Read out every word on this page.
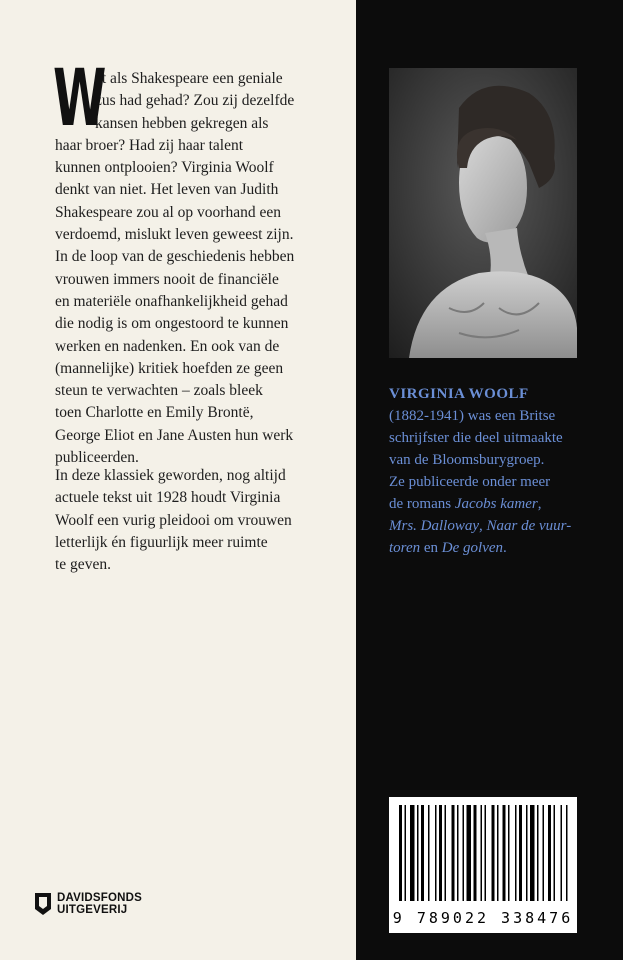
W
at als Shakespeare een geniale
zus had gehad? Zou zij dezelfde
kansen hebben gekregen als
haar broer? Had zij haar talent
kunnen ontplooien? Virginia Woolf
denkt van niet. Het leven van Judith
Shakespeare zou al op voorhand een
verdoemd, mislukt leven geweest zijn.
In de loop van de geschiedenis hebben
vrouwen immers nooit de financiële
en materiële onafhankelijkheid gehad
die nodig is om ongestoord te kunnen
werken en nadenken. En ook van de
(mannelijke) kritiek hoefden ze geen
steun te verwachten – zoals bleek
toen Charlotte en Emily Brontë,
George Eliot en Jane Austen hun werk
publiceerden.
In deze klassiek geworden, nog altijd
actuele tekst uit 1928 houdt Virginia
Woolf een vurig pleidooi om vrouwen
letterlijk én figuurlijk meer ruimte
te geven.
VIRGINIA WOOLF
(1882-1941) was een Britse
schrijfster die deel uitmaakte
van de Bloomsburygroep.
Ze publiceerde onder meer
de romans Jacobs kamer,
Mrs. Dalloway, Naar de vuur-
toren en De golven.
9 789022 338476
DAVIDSFONDS
UITGEVERIJ
